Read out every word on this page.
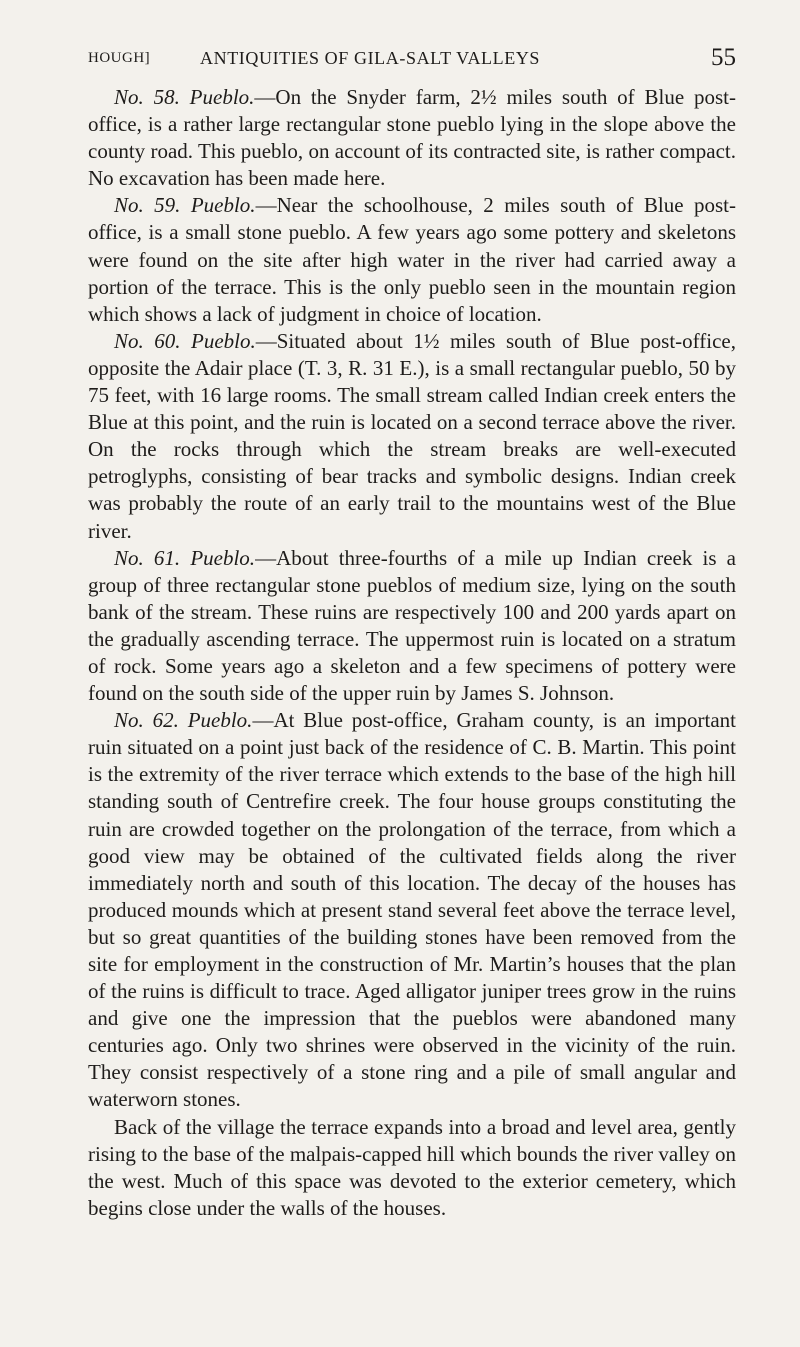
HOUGH]	ANTIQUITIES OF GILA-SALT VALLEYS	55

No. 58. Pueblo.—On the Snyder farm, 2½ miles south of Blue post-office, is a rather large rectangular stone pueblo lying in the slope above the county road. This pueblo, on account of its contracted site, is rather compact. No excavation has been made here.

No. 59. Pueblo.—Near the schoolhouse, 2 miles south of Blue post-office, is a small stone pueblo. A few years ago some pottery and skeletons were found on the site after high water in the river had carried away a portion of the terrace. This is the only pueblo seen in the mountain region which shows a lack of judgment in choice of location.

No. 60. Pueblo.—Situated about 1½ miles south of Blue post-office, opposite the Adair place (T. 3, R. 31 E.), is a small rectangular pueblo, 50 by 75 feet, with 16 large rooms. The small stream called Indian creek enters the Blue at this point, and the ruin is located on a second terrace above the river. On the rocks through which the stream breaks are well-executed petroglyphs, consisting of bear tracks and symbolic designs. Indian creek was probably the route of an early trail to the mountains west of the Blue river.

No. 61. Pueblo.—About three-fourths of a mile up Indian creek is a group of three rectangular stone pueblos of medium size, lying on the south bank of the stream. These ruins are respectively 100 and 200 yards apart on the gradually ascending terrace. The uppermost ruin is located on a stratum of rock. Some years ago a skeleton and a few specimens of pottery were found on the south side of the upper ruin by James S. Johnson.

No. 62. Pueblo.—At Blue post-office, Graham county, is an important ruin situated on a point just back of the residence of C. B. Martin. This point is the extremity of the river terrace which extends to the base of the high hill standing south of Centrefire creek. The four house groups constituting the ruin are crowded together on the prolongation of the terrace, from which a good view may be obtained of the cultivated fields along the river immediately north and south of this location. The decay of the houses has produced mounds which at present stand several feet above the terrace level, but so great quantities of the building stones have been removed from the site for employment in the construction of Mr. Martin’s houses that the plan of the ruins is difficult to trace. Aged alligator juniper trees grow in the ruins and give one the impression that the pueblos were abandoned many centuries ago. Only two shrines were observed in the vicinity of the ruin. They consist respectively of a stone ring and a pile of small angular and waterworn stones.

Back of the village the terrace expands into a broad and level area, gently rising to the base of the malpais-capped hill which bounds the river valley on the west. Much of this space was devoted to the exterior cemetery, which begins close under the walls of the houses.
